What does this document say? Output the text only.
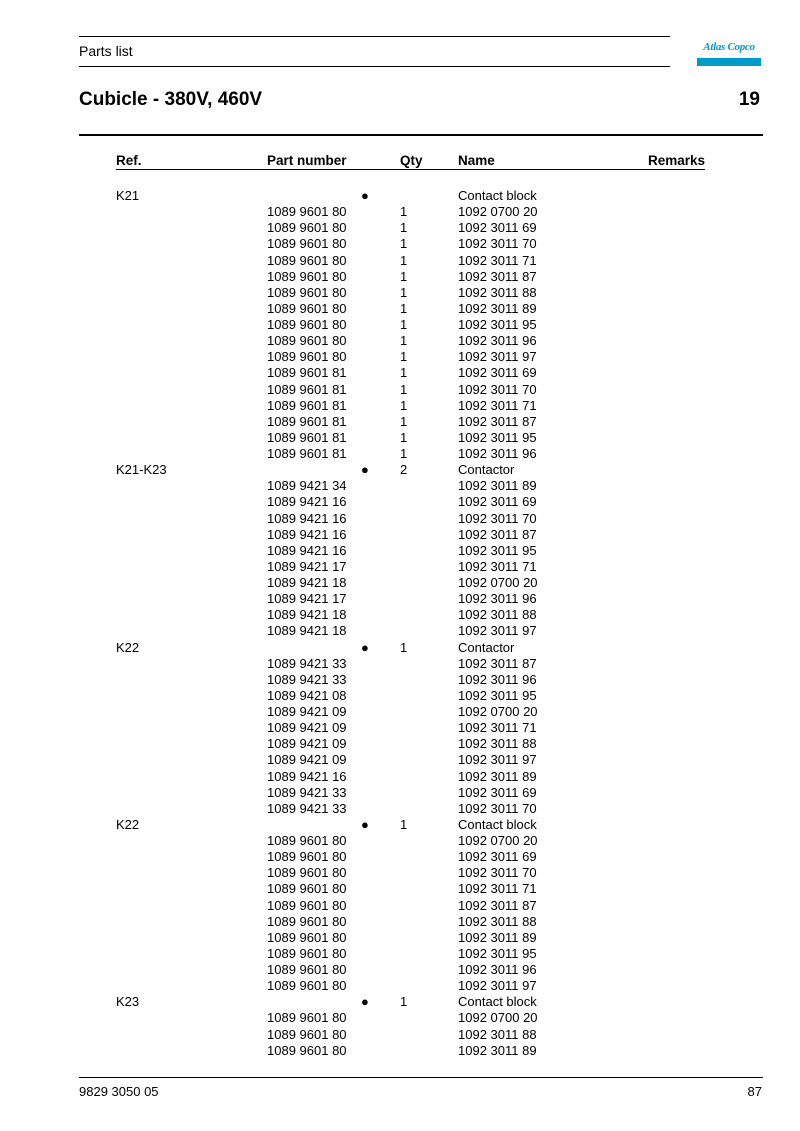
Parts list	Atlas Copco
Cubicle - 380V, 460V	19
Ref.	Part number	Qty	Name	Remarks
K21	●	Contact block
1089 9601 80	1	1092 0700 20
1089 9601 80	1	1092 3011 69
1089 9601 80	1	1092 3011 70
1089 9601 80	1	1092 3011 71
1089 9601 80	1	1092 3011 87
1089 9601 80	1	1092 3011 88
1089 9601 80	1	1092 3011 89
1089 9601 80	1	1092 3011 95
1089 9601 80	1	1092 3011 96
1089 9601 80	1	1092 3011 97
1089 9601 81	1	1092 3011 69
1089 9601 81	1	1092 3011 70
1089 9601 81	1	1092 3011 71
1089 9601 81	1	1092 3011 87
1089 9601 81	1	1092 3011 95
1089 9601 81	1	1092 3011 96
K21-K23	● 2	Contactor
1089 9421 34	1092 3011 89
1089 9421 16	1092 3011 69
1089 9421 16	1092 3011 70
1089 9421 16	1092 3011 87
1089 9421 16	1092 3011 95
1089 9421 17	1092 3011 71
1089 9421 18	1092 0700 20
1089 9421 17	1092 3011 96
1089 9421 18	1092 3011 88
1089 9421 18	1092 3011 97
K22	● 1	Contactor
1089 9421 33	1092 3011 87
1089 9421 33	1092 3011 96
1089 9421 08	1092 3011 95
1089 9421 09	1092 0700 20
1089 9421 09	1092 3011 71
1089 9421 09	1092 3011 88
1089 9421 09	1092 3011 97
1089 9421 16	1092 3011 89
1089 9421 33	1092 3011 69
1089 9421 33	1092 3011 70
K22	● 1	Contact block
1089 9601 80	1092 0700 20
1089 9601 80	1092 3011 69
1089 9601 80	1092 3011 70
1089 9601 80	1092 3011 71
1089 9601 80	1092 3011 87
1089 9601 80	1092 3011 88
1089 9601 80	1092 3011 89
1089 9601 80	1092 3011 95
1089 9601 80	1092 3011 96
1089 9601 80	1092 3011 97
K23	● 1	Contact block
1089 9601 80	1092 0700 20
1089 9601 80	1092 3011 88
1089 9601 80	1092 3011 89
9829 3050 05	87
